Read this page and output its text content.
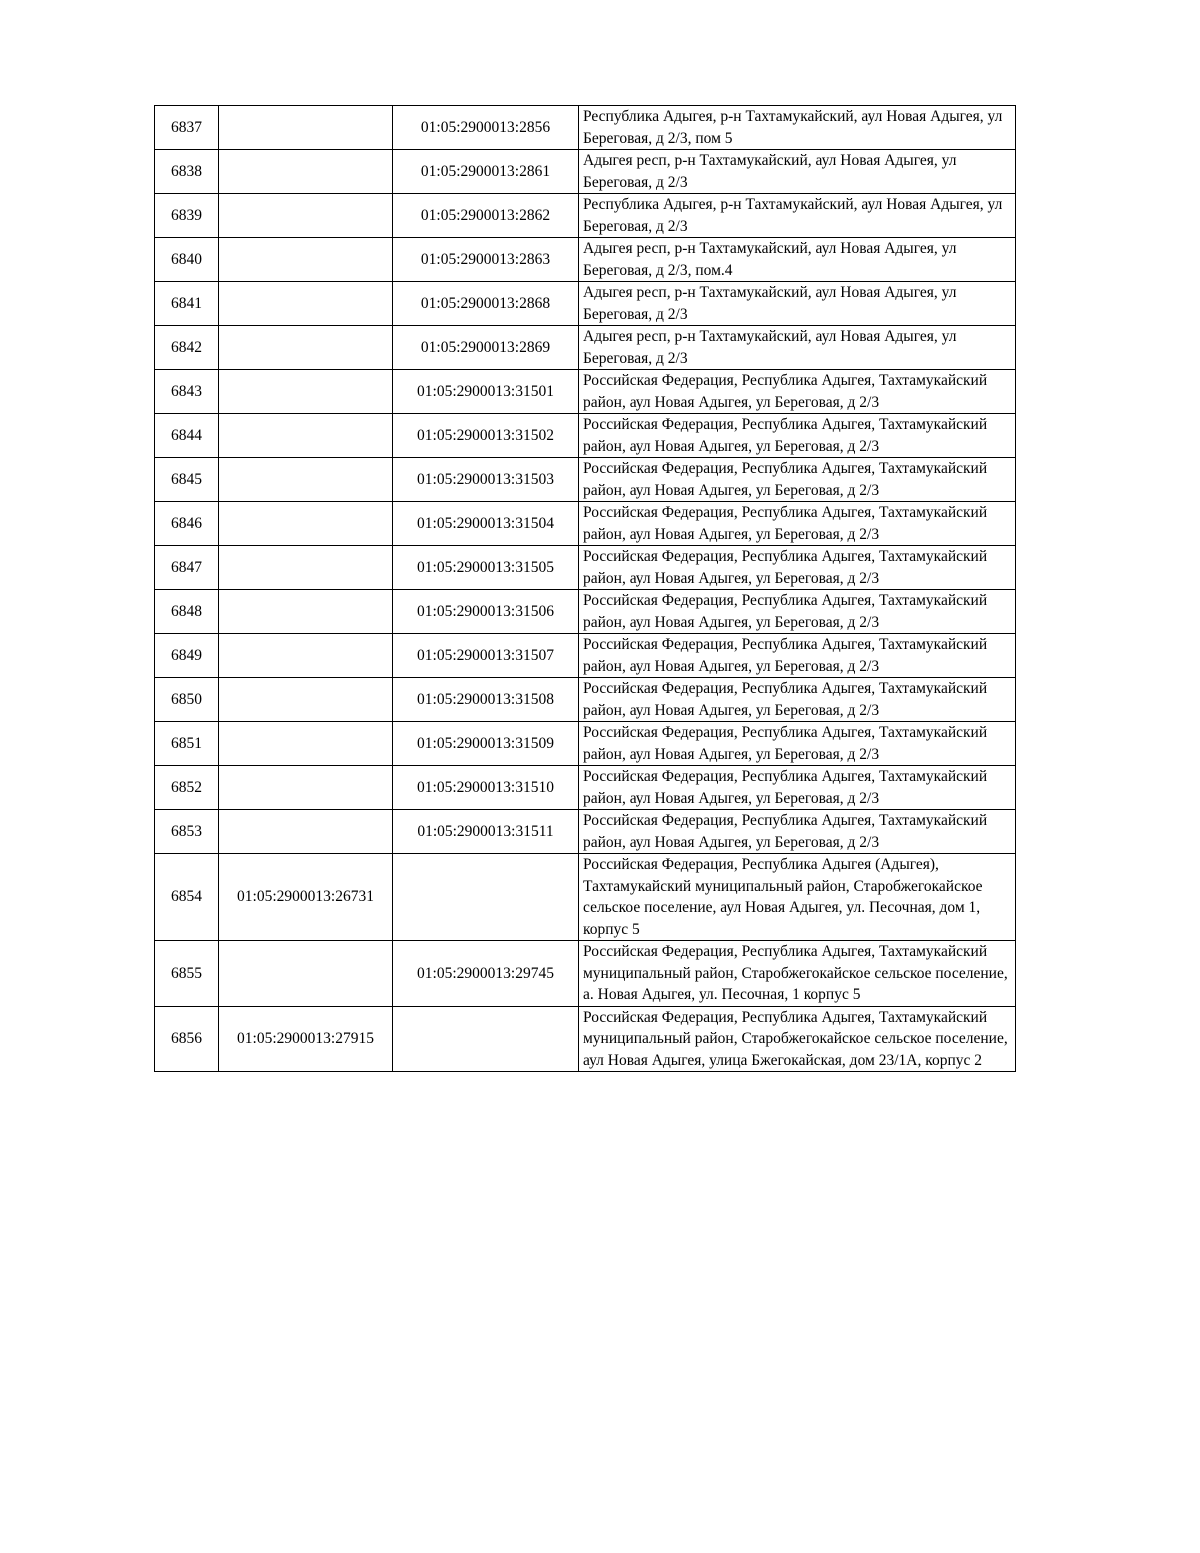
6837		01:05:2900013:2856	Республика Адыгея, р-н Тахтамукайский, аул Новая Адыгея, ул Береговая, д 2/3, пом 5
6838		01:05:2900013:2861	Адыгея респ, р-н Тахтамукайский, аул Новая Адыгея, ул Береговая, д 2/3
6839		01:05:2900013:2862	Республика Адыгея, р-н Тахтамукайский, аул Новая Адыгея, ул Береговая, д 2/3
6840		01:05:2900013:2863	Адыгея респ, р-н Тахтамукайский, аул Новая Адыгея, ул Береговая, д 2/3, пом.4
6841		01:05:2900013:2868	Адыгея респ, р-н Тахтамукайский, аул Новая Адыгея, ул Береговая, д 2/3
6842		01:05:2900013:2869	Адыгея респ, р-н Тахтамукайский, аул Новая Адыгея, ул Береговая, д 2/3
6843		01:05:2900013:31501	Российская Федерация, Республика Адыгея, Тахтамукайский район, аул Новая Адыгея, ул Береговая, д 2/3
6844		01:05:2900013:31502	Российская Федерация, Республика Адыгея, Тахтамукайский район, аул Новая Адыгея, ул Береговая, д 2/3
6845		01:05:2900013:31503	Российская Федерация, Республика Адыгея, Тахтамукайский район, аул Новая Адыгея, ул Береговая, д 2/3
6846		01:05:2900013:31504	Российская Федерация, Республика Адыгея, Тахтамукайский район, аул Новая Адыгея, ул Береговая, д 2/3
6847		01:05:2900013:31505	Российская Федерация, Республика Адыгея, Тахтамукайский район, аул Новая Адыгея, ул Береговая, д 2/3
6848		01:05:2900013:31506	Российская Федерация, Республика Адыгея, Тахтамукайский район, аул Новая Адыгея, ул Береговая, д 2/3
6849		01:05:2900013:31507	Российская Федерация, Республика Адыгея, Тахтамукайский район, аул Новая Адыгея, ул Береговая, д 2/3
6850		01:05:2900013:31508	Российская Федерация, Республика Адыгея, Тахтамукайский район, аул Новая Адыгея, ул Береговая, д 2/3
6851		01:05:2900013:31509	Российская Федерация, Республика Адыгея, Тахтамукайский район, аул Новая Адыгея, ул Береговая, д 2/3
6852		01:05:2900013:31510	Российская Федерация, Республика Адыгея, Тахтамукайский район, аул Новая Адыгея, ул Береговая, д 2/3
6853		01:05:2900013:31511	Российская Федерация, Республика Адыгея, Тахтамукайский район, аул Новая Адыгея, ул Береговая, д 2/3
6854	01:05:2900013:26731		Российская Федерация, Республика Адыгея (Адыгея), Тахтамукайский муниципальный район, Старобжегокайское сельское поселение, аул Новая Адыгея, ул. Песочная, дом 1, корпус 5
6855		01:05:2900013:29745	Российская Федерация, Республика Адыгея, Тахтамукайский муниципальный район, Старобжегокайское сельское поселение, а. Новая Адыгея, ул. Песочная, 1 корпус 5
6856	01:05:2900013:27915		Российская Федерация, Республика Адыгея, Тахтамукайский муниципальный район, Старобжегокайское сельское поселение, аул Новая Адыгея, улица Бжегокайская, дом 23/1А, корпус 2
